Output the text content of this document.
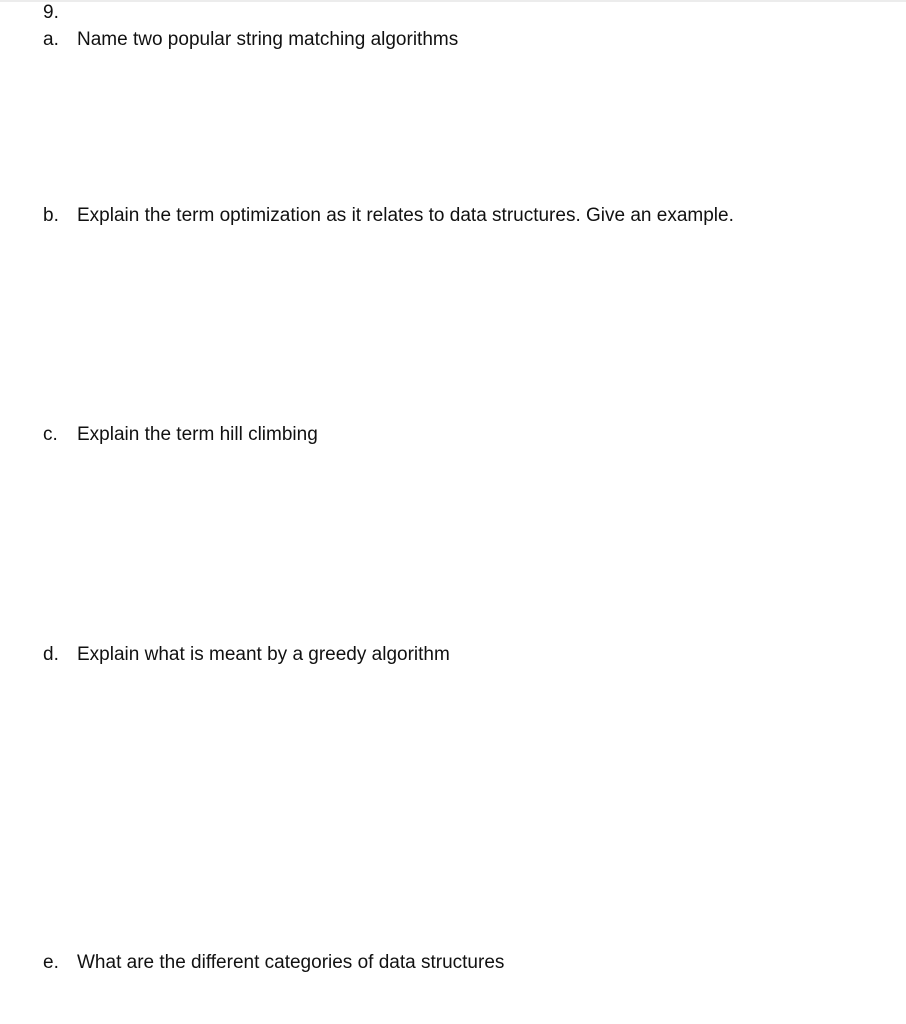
9.
a. Name two popular string matching algorithms
b. Explain the term optimization as it relates to data structures. Give an example.
c. Explain the term hill climbing
d. Explain what is meant by a greedy algorithm
e. What are the different categories of data structures
